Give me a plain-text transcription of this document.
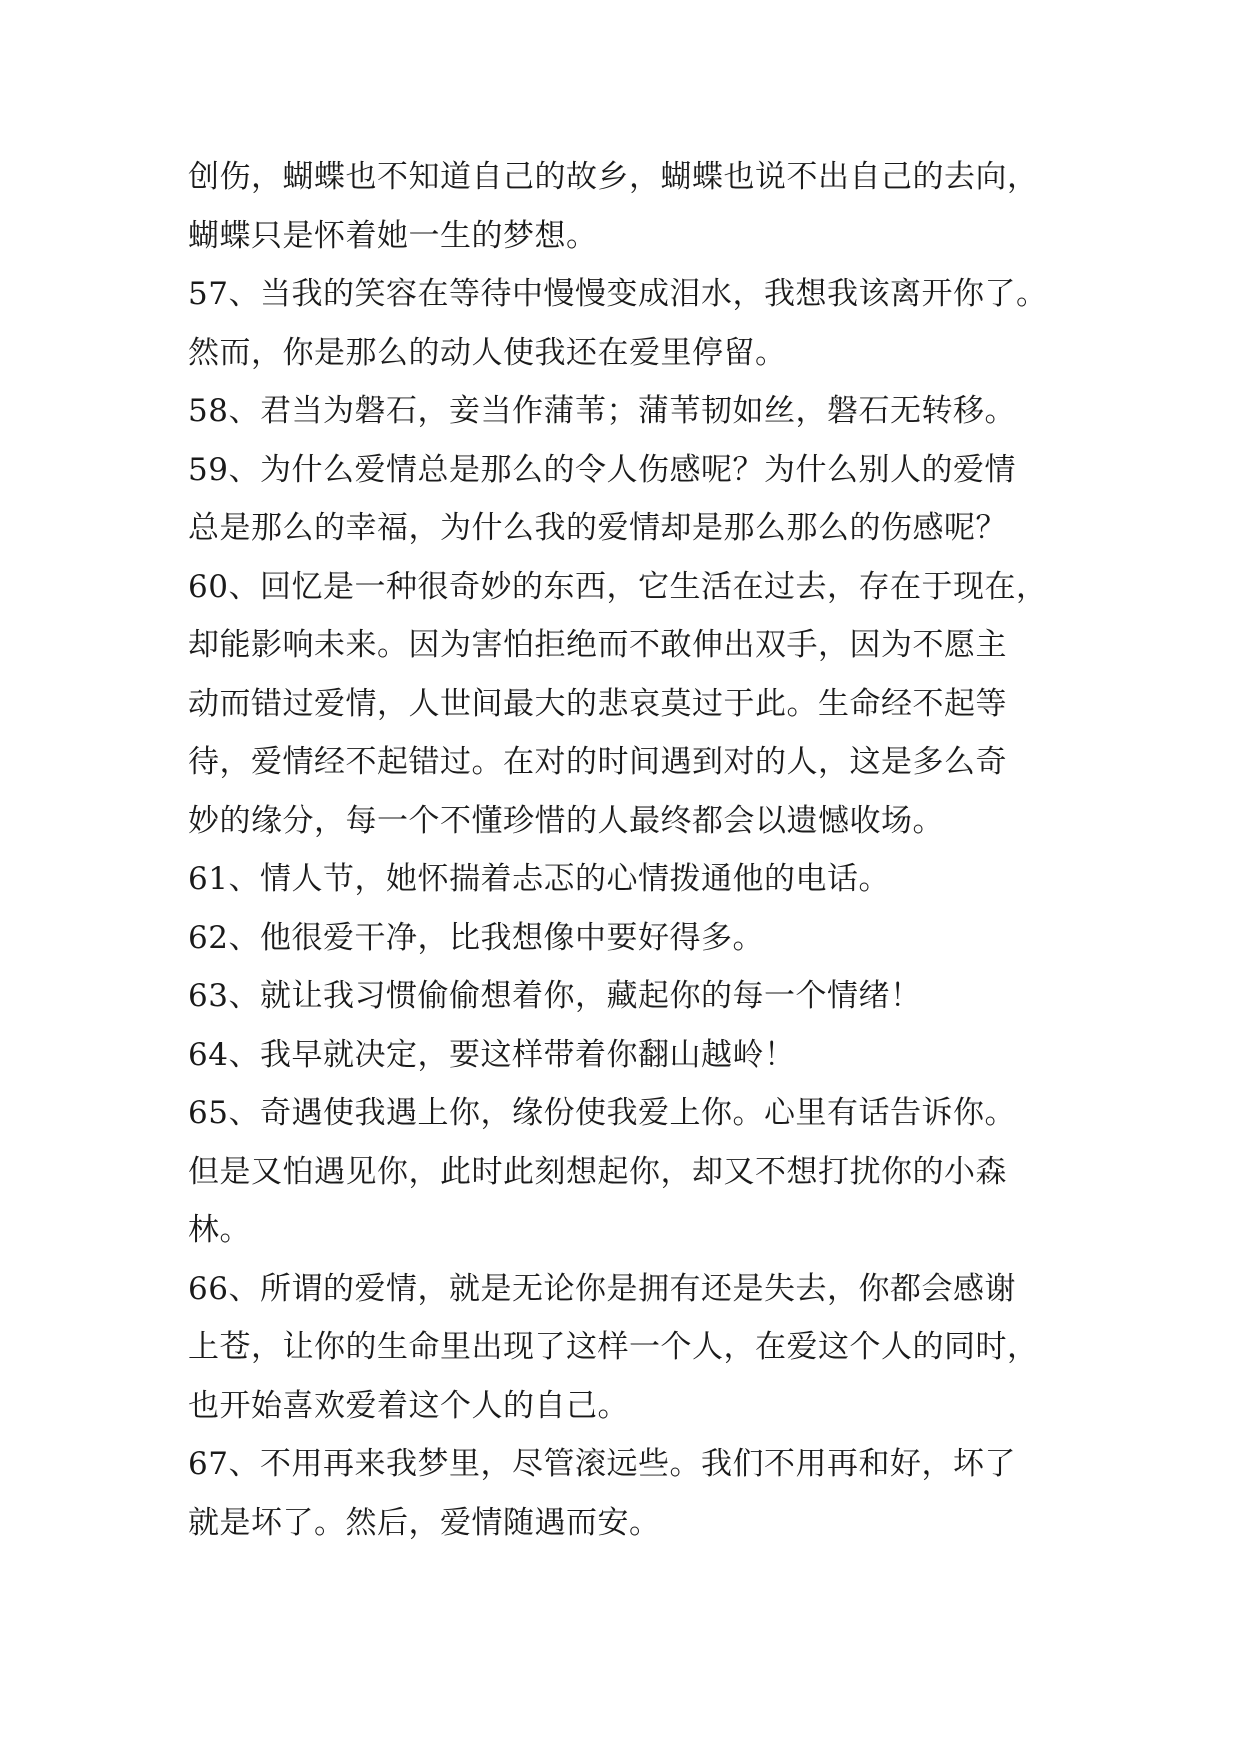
创伤，蝴蝶也不知道自己的故乡，蝴蝶也说不出自己的去向，
蝴蝶只是怀着她一生的梦想。
57、当我的笑容在等待中慢慢变成泪水，我想我该离开你了。
然而，你是那么的动人使我还在爱里停留。
58、君当为磐石，妾当作蒲苇；蒲苇韧如丝，磐石无转移。
59、为什么爱情总是那么的令人伤感呢？为什么别人的爱情
总是那么的幸福，为什么我的爱情却是那么那么的伤感呢？
60、回忆是一种很奇妙的东西，它生活在过去，存在于现在，
却能影响未来。因为害怕拒绝而不敢伸出双手，因为不愿主
动而错过爱情，人世间最大的悲哀莫过于此。生命经不起等
待，爱情经不起错过。在对的时间遇到对的人，这是多么奇
妙的缘分，每一个不懂珍惜的人最终都会以遗憾收场。
61、情人节，她怀揣着忐忑的心情拨通他的电话。
62、他很爱干净，比我想像中要好得多。
63、就让我习惯偷偷想着你，藏起你的每一个情绪！
64、我早就决定，要这样带着你翻山越岭！
65、奇遇使我遇上你，缘份使我爱上你。心里有话告诉你。
但是又怕遇见你，此时此刻想起你，却又不想打扰你的小森
林。
66、所谓的爱情，就是无论你是拥有还是失去，你都会感谢
上苍，让你的生命里出现了这样一个人，在爱这个人的同时，
也开始喜欢爱着这个人的自己。
67、不用再来我梦里，尽管滚远些。我们不用再和好，坏了
就是坏了。然后，爱情随遇而安。
